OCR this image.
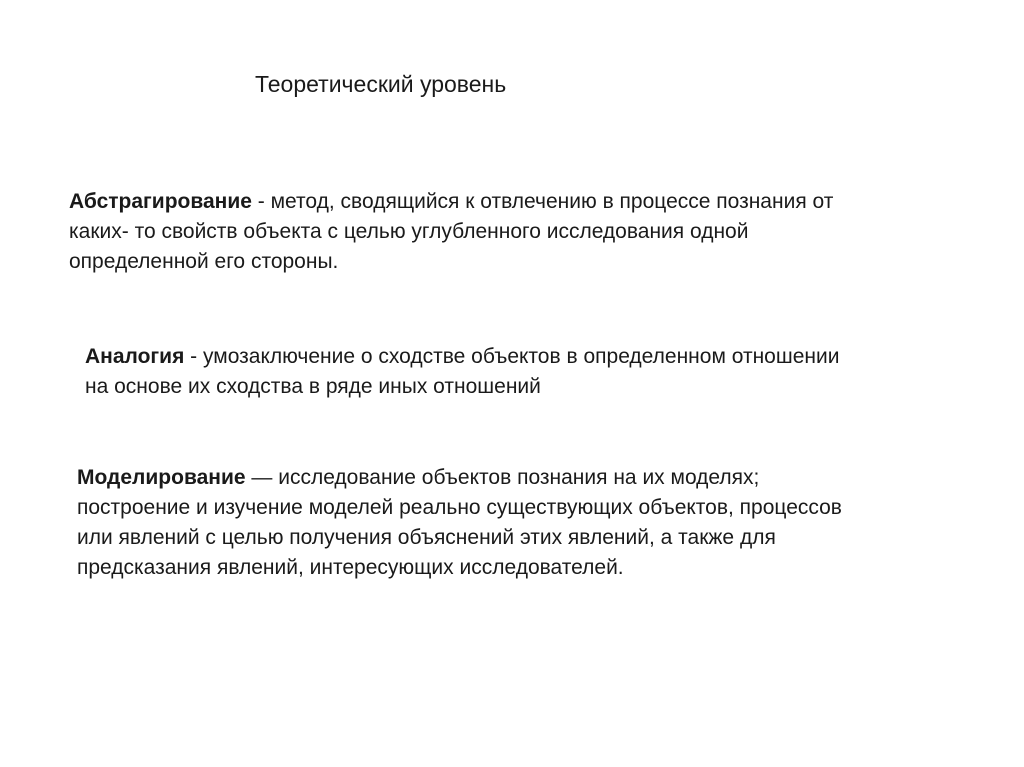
Теоретический уровень
Абстрагирование - метод, сводящийся к отвлечению в процессе познания от
каких- то свойств объекта с целью углубленного исследования одной
определенной его стороны.
Аналогия - умозаключение о сходстве объектов в определенном отношении
на основе их сходства в ряде иных отношений
Моделирование — исследование объектов познания на их моделях;
построение и изучение моделей реально существующих объектов, процессов
или явлений с целью получения объяснений этих явлений, а также для
предсказания явлений, интересующих исследователей.
